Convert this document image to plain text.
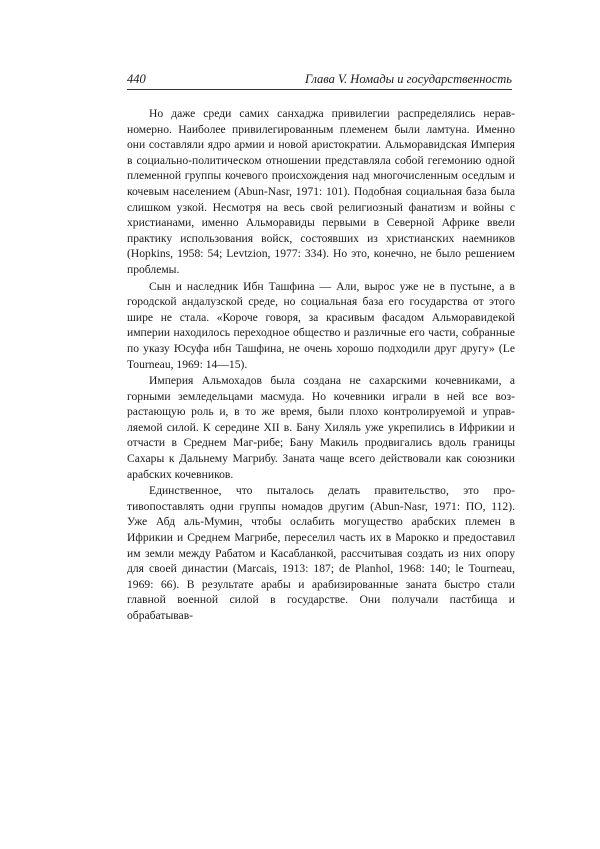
440	Глава V. Номады и государственность

Но даже среди самих санхаджа привилегии распределялись неравномерно. Наиболее привилегированным племенем были ламтуна. Именно они составляли ядро армии и новой аристократии. Альморавидская Империя в социально-политическом отношении представляла собой гегемонию одной племенной группы кочевого происхождения над многочисленным оседлым и кочевым населением (Abun-Nasr, 1971: 101). Подобная социальная база была слишком узкой. Несмотря на весь свой религиозный фанатизм и войны с христианами, именно Альморавиды первыми в Северной Африке ввели практику использования войск, состоявших из христианских наемников (Hopkins, 1958: 54; Levtzion, 1977: 334). Но это, конечно, не было решением проблемы.

Сын и наследник Ибн Ташфина — Али, вырос уже не в пустыне, а в городской андалузской среде, но социальная база его государства от этого шире не стала. «Короче говоря, за красивым фасадом Альморавидекой империи находилось переходное общество и различные его части, собранные по указу Юсуфа ибн Ташфина, не очень хорошо подходили друг другу» (Le Tourneau, 1969: 14—15).

Империя Альмохадов была создана не сахарскими кочевниками, а горными земледельцами масмуда. Но кочевники играли в ней все возрастающую роль и, в то же время, были плохо контролируемой и управляемой силой. К середине XII в. Бану Хиляль уже укрепились в Ифрикии и отчасти в Среднем Маг-рибе; Бану Макиль продвигались вдоль границы Сахары к Дальнему Магрибу. Заната чаще всего действовали как союзники арабских кочевников.

Единственное, что пыталось делать правительство, это противопоставлять одни группы номадов другим (Abun-Nasr, 1971: ПО, 112). Уже Абд аль-Мумин, чтобы ослабить могущество арабских племен в Ифрикии и Среднем Магрибе, переселил часть их в Марокко и предоставил им земли между Рабатом и Касабланкой, рассчитывая создать из них опору для своей династии (Marcais, 1913: 187; de Planhol, 1968: 140; le Tourneau, 1969: 66). В результате арабы и арабизированные заната быстро стали главной военной силой в государстве. Они получали пастбища и обрабатывав-
